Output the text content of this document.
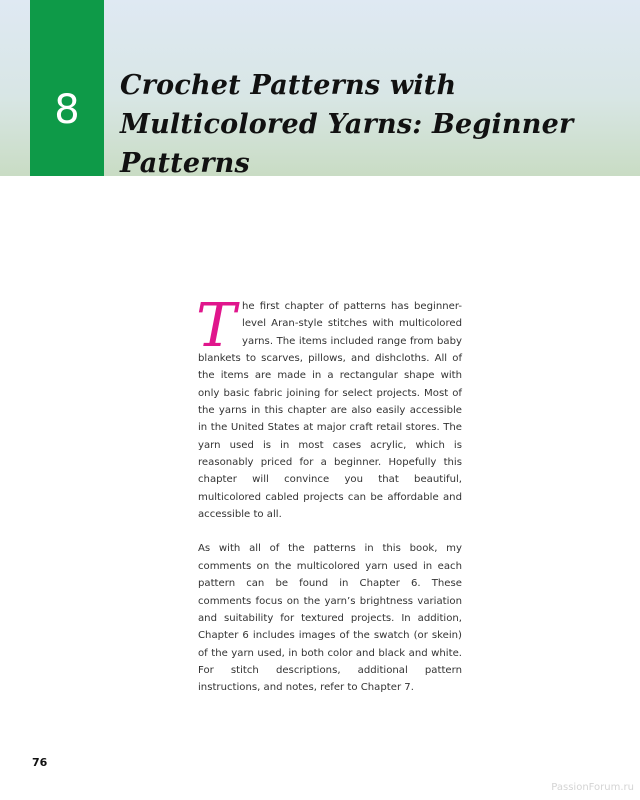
8
Crochet Patterns with Multicolored Yarns: Beginner Patterns

The first chapter of patterns has beginner-level Aran-style stitches with multicolored yarns. The items included range from baby blankets to scarves, pillows, and dishcloths. All of the items are made in a rectangular shape with only basic fabric joining for select projects. Most of the yarns in this chapter are also easily accessible in the United States at major craft retail stores. The yarn used is in most cases acrylic, which is reasonably priced for a beginner. Hopefully this chapter will convince you that beautiful, multicolored cabled projects can be affordable and accessible to all.

As with all of the patterns in this book, my comments on the multicolored yarn used in each pattern can be found in Chapter 6. These comments focus on the yarn’s brightness variation and suitability for textured projects. In addition, Chapter 6 includes images of the swatch (or skein) of the yarn used, in both color and black and white. For stitch descriptions, additional pattern instructions, and notes, refer to Chapter 7.

76
PassionForum.ru
